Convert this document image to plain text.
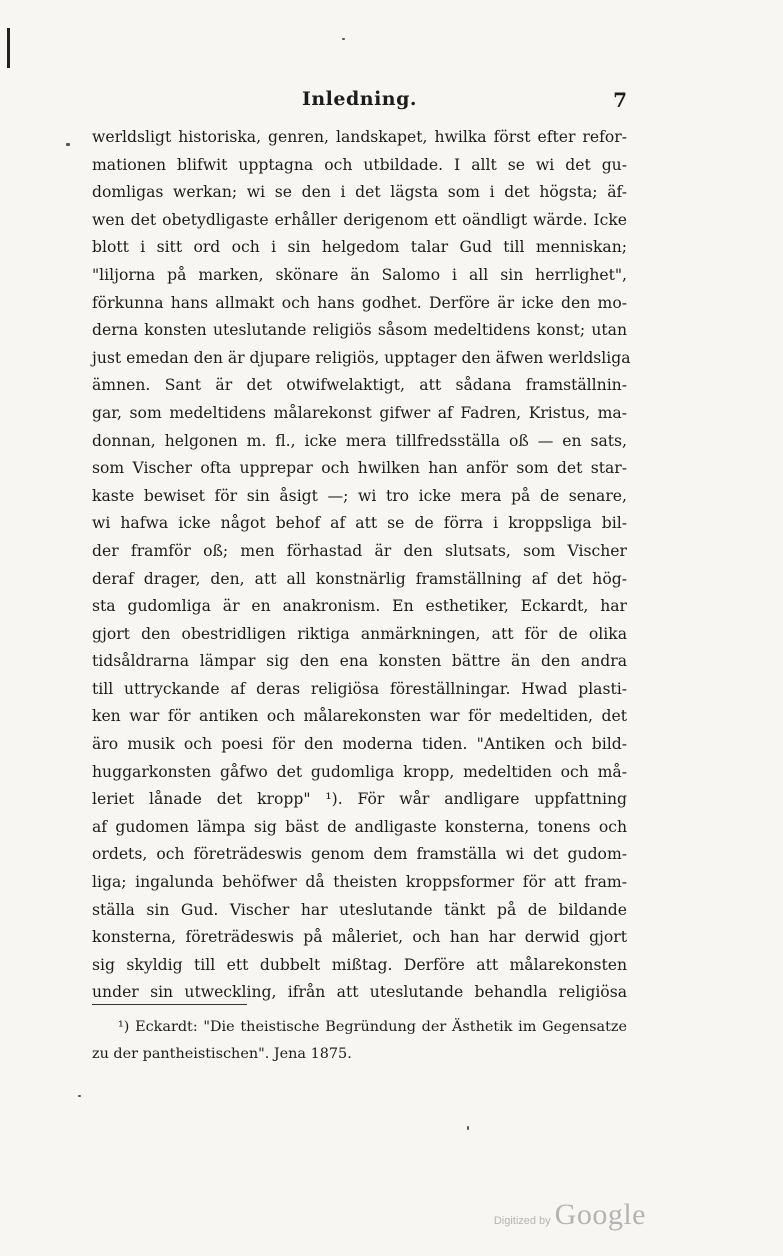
Inledning.	7
werldsligt historiska, genren, landskapet, hwilka först efter refor-
mationen blifwit upptagna och utbildade. I allt se wi det gu-
domligas werkan; wi se den i det lägsta som i det högsta; äf-
wen det obetydligaste erhåller derigenom ett oändligt wärde. Icke
blott i sitt ord och i sin helgedom talar Gud till menniskan;
"liljorna på marken, skönare än Salomo i all sin herrlighet",
förkunna hans allmakt och hans godhet. Derföre är icke den mo-
derna konsten uteslutande religiös såsom medeltidens konst; utan
just emedan den är djupare religiös, upptager den äfwen werldsliga
ämnen. Sant är det otwifwelaktigt, att sådana framställnin-
gar, som medeltidens målarekonst gifwer af Fadren, Kristus, ma-
donnan, helgonen m. fl., icke mera tillfredsställa oß — en sats,
som Vischer ofta upprepar och hwilken han anför som det star-
kaste bewiset för sin åsigt —; wi tro icke mera på de senare,
wi hafwa icke något behof af att se de förra i kroppsliga bil-
der framför oß; men förhastad är den slutsats, som Vischer
deraf drager, den, att all konstnärlig framställning af det hög-
sta gudomliga är en anakronism. En esthetiker, Eckardt, har
gjort den obestridligen riktiga anmärkningen, att för de olika
tidsåldrarna lämpar sig den ena konsten bättre än den andra
till uttryckande af deras religiösa föreställningar. Hwad plasti-
ken war för antiken och målarekonsten war för medeltiden, det
äro musik och poesi för den moderna tiden. "Antiken och bild-
huggarkonsten gåfwo det gudomliga kropp, medeltiden och må-
leriet lånade det kropp" ¹). För wår andligare uppfattning
af gudomen lämpa sig bäst de andligaste konsterna, tonens och
ordets, och företrädeswis genom dem framställa wi det gudom-
liga; ingalunda behöfwer då theisten kroppsformer för att fram-
ställa sin Gud. Vischer har uteslutande tänkt på de bildande
konsterna, företrädeswis på måleriet, och han har derwid gjort
sig skyldig till ett dubbelt mißtag. Derföre att målarekonsten
under sin utweckling, ifrån att uteslutande behandla religiösa
¹) Eckardt: "Die theistische Begründung der Ästhetik im Gegensatze
zu der pantheistischen". Jena 1875.
Digitized by Google
